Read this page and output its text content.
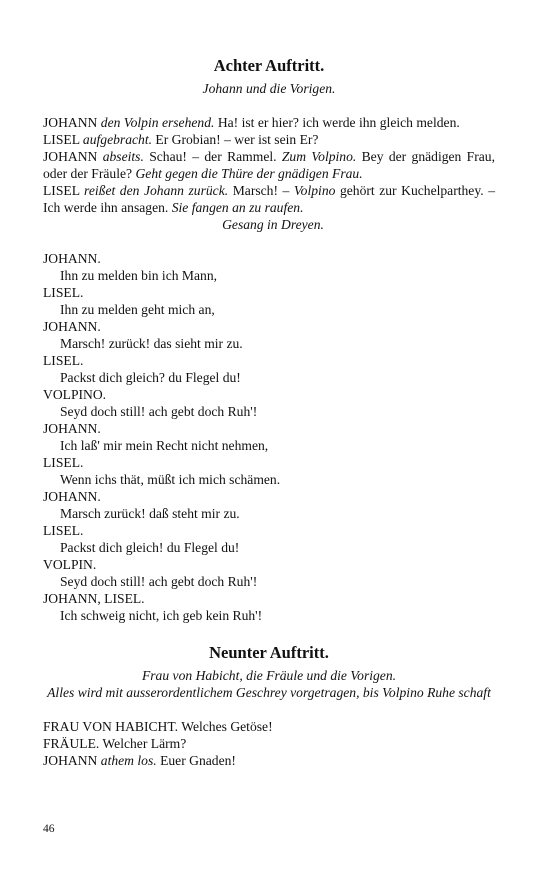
Achter Auftritt.

Johann und die Vorigen.

JOHANN den Volpin ersehend. Ha! ist er hier? ich werde ihn gleich melden.

LISEL aufgebracht. Er Grobian! – wer ist sein Er?

JOHANN abseits. Schau! – der Rammel. Zum Volpino. Bey der gnädigen Frau, oder der Fräule? Geht gegen die Thüre der gnädigen Frau.

LISEL reißet den Johann zurück. Marsch! – Volpino gehört zur Kuchelparthey. – Ich werde ihn ansagen. Sie fangen an zu raufen.

Gesang in Dreyen.

JOHANN.

Ihn zu melden bin ich Mann,

LISEL.

Ihn zu melden geht mich an,

JOHANN.

Marsch! zurück! das sieht mir zu.

LISEL.

Packst dich gleich? du Flegel du!

VOLPINO.

Seyd doch still! ach gebt doch Ruh'!

JOHANN.

Ich laß' mir mein Recht nicht nehmen,

LISEL.

Wenn ichs thät, müßt ich mich schämen.

JOHANN.

Marsch zurück! daß steht mir zu.

LISEL.

Packst dich gleich! du Flegel du!

VOLPIN.

Seyd doch still! ach gebt doch Ruh'!

JOHANN, LISEL.

Ich schweig nicht, ich geb kein Ruh'!

Neunter Auftritt.

Frau von Habicht, die Fräule und die Vorigen.

Alles wird mit ausserordentlichem Geschrey vorgetragen, bis Volpino Ruhe schaft

FRAU VON HABICHT. Welches Getöse!

FRÄULE. Welcher Lärm?

JOHANN athem los. Euer Gnaden!

46
